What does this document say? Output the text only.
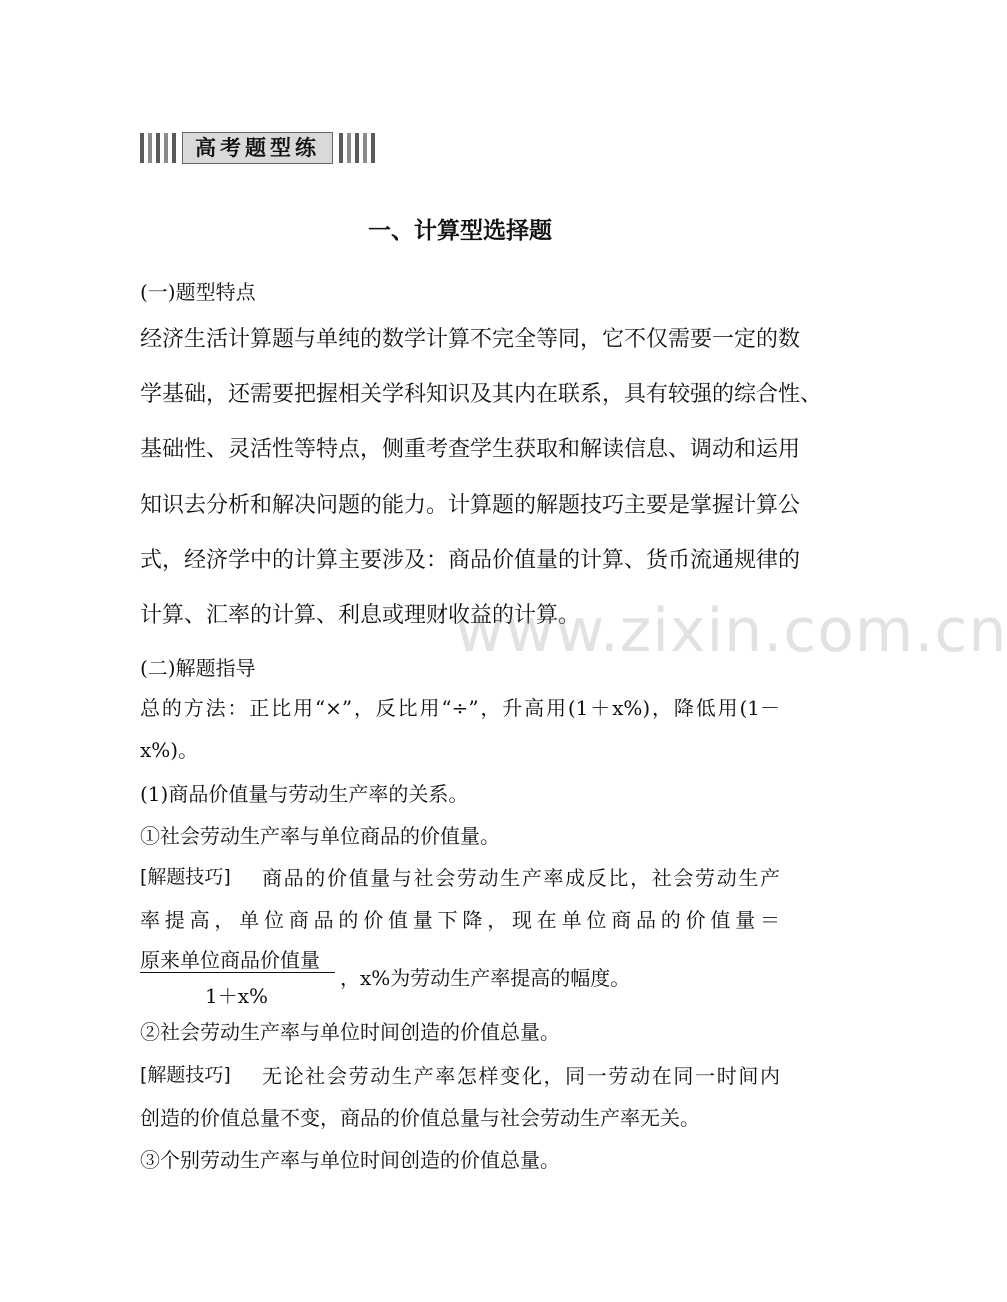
高考题型练
一、计算型选择题
(一)题型特点
经济生活计算题与单纯的数学计算不完全等同，它不仅需要一定的数
学基础，还需要把握相关学科知识及其内在联系，具有较强的综合性、
基础性、灵活性等特点，侧重考查学生获取和解读信息、调动和运用
知识去分析和解决问题的能力。计算题的解题技巧主要是掌握计算公
式，经济学中的计算主要涉及：商品价值量的计算、货币流通规律的
计算、汇率的计算、利息或理财收益的计算。
www.zixin.com.cn
(二)解题指导
总的方法：正比用“×”，反比用“÷”，升高用(1＋x%)，降低用(1－
x%)。
(1)商品价值量与劳动生产率的关系。
①社会劳动生产率与单位商品的价值量。
[解题技巧] 商品的价值量与社会劳动生产率成反比，社会劳动生产
率提高，单位商品的价值量下降，现在单位商品的价值量＝
原来单位商品价值量
1＋x%
，x%为劳动生产率提高的幅度。
②社会劳动生产率与单位时间创造的价值总量。
[解题技巧] 无论社会劳动生产率怎样变化，同一劳动在同一时间内
创造的价值总量不变，商品的价值总量与社会劳动生产率无关。
③个别劳动生产率与单位时间创造的价值总量。
